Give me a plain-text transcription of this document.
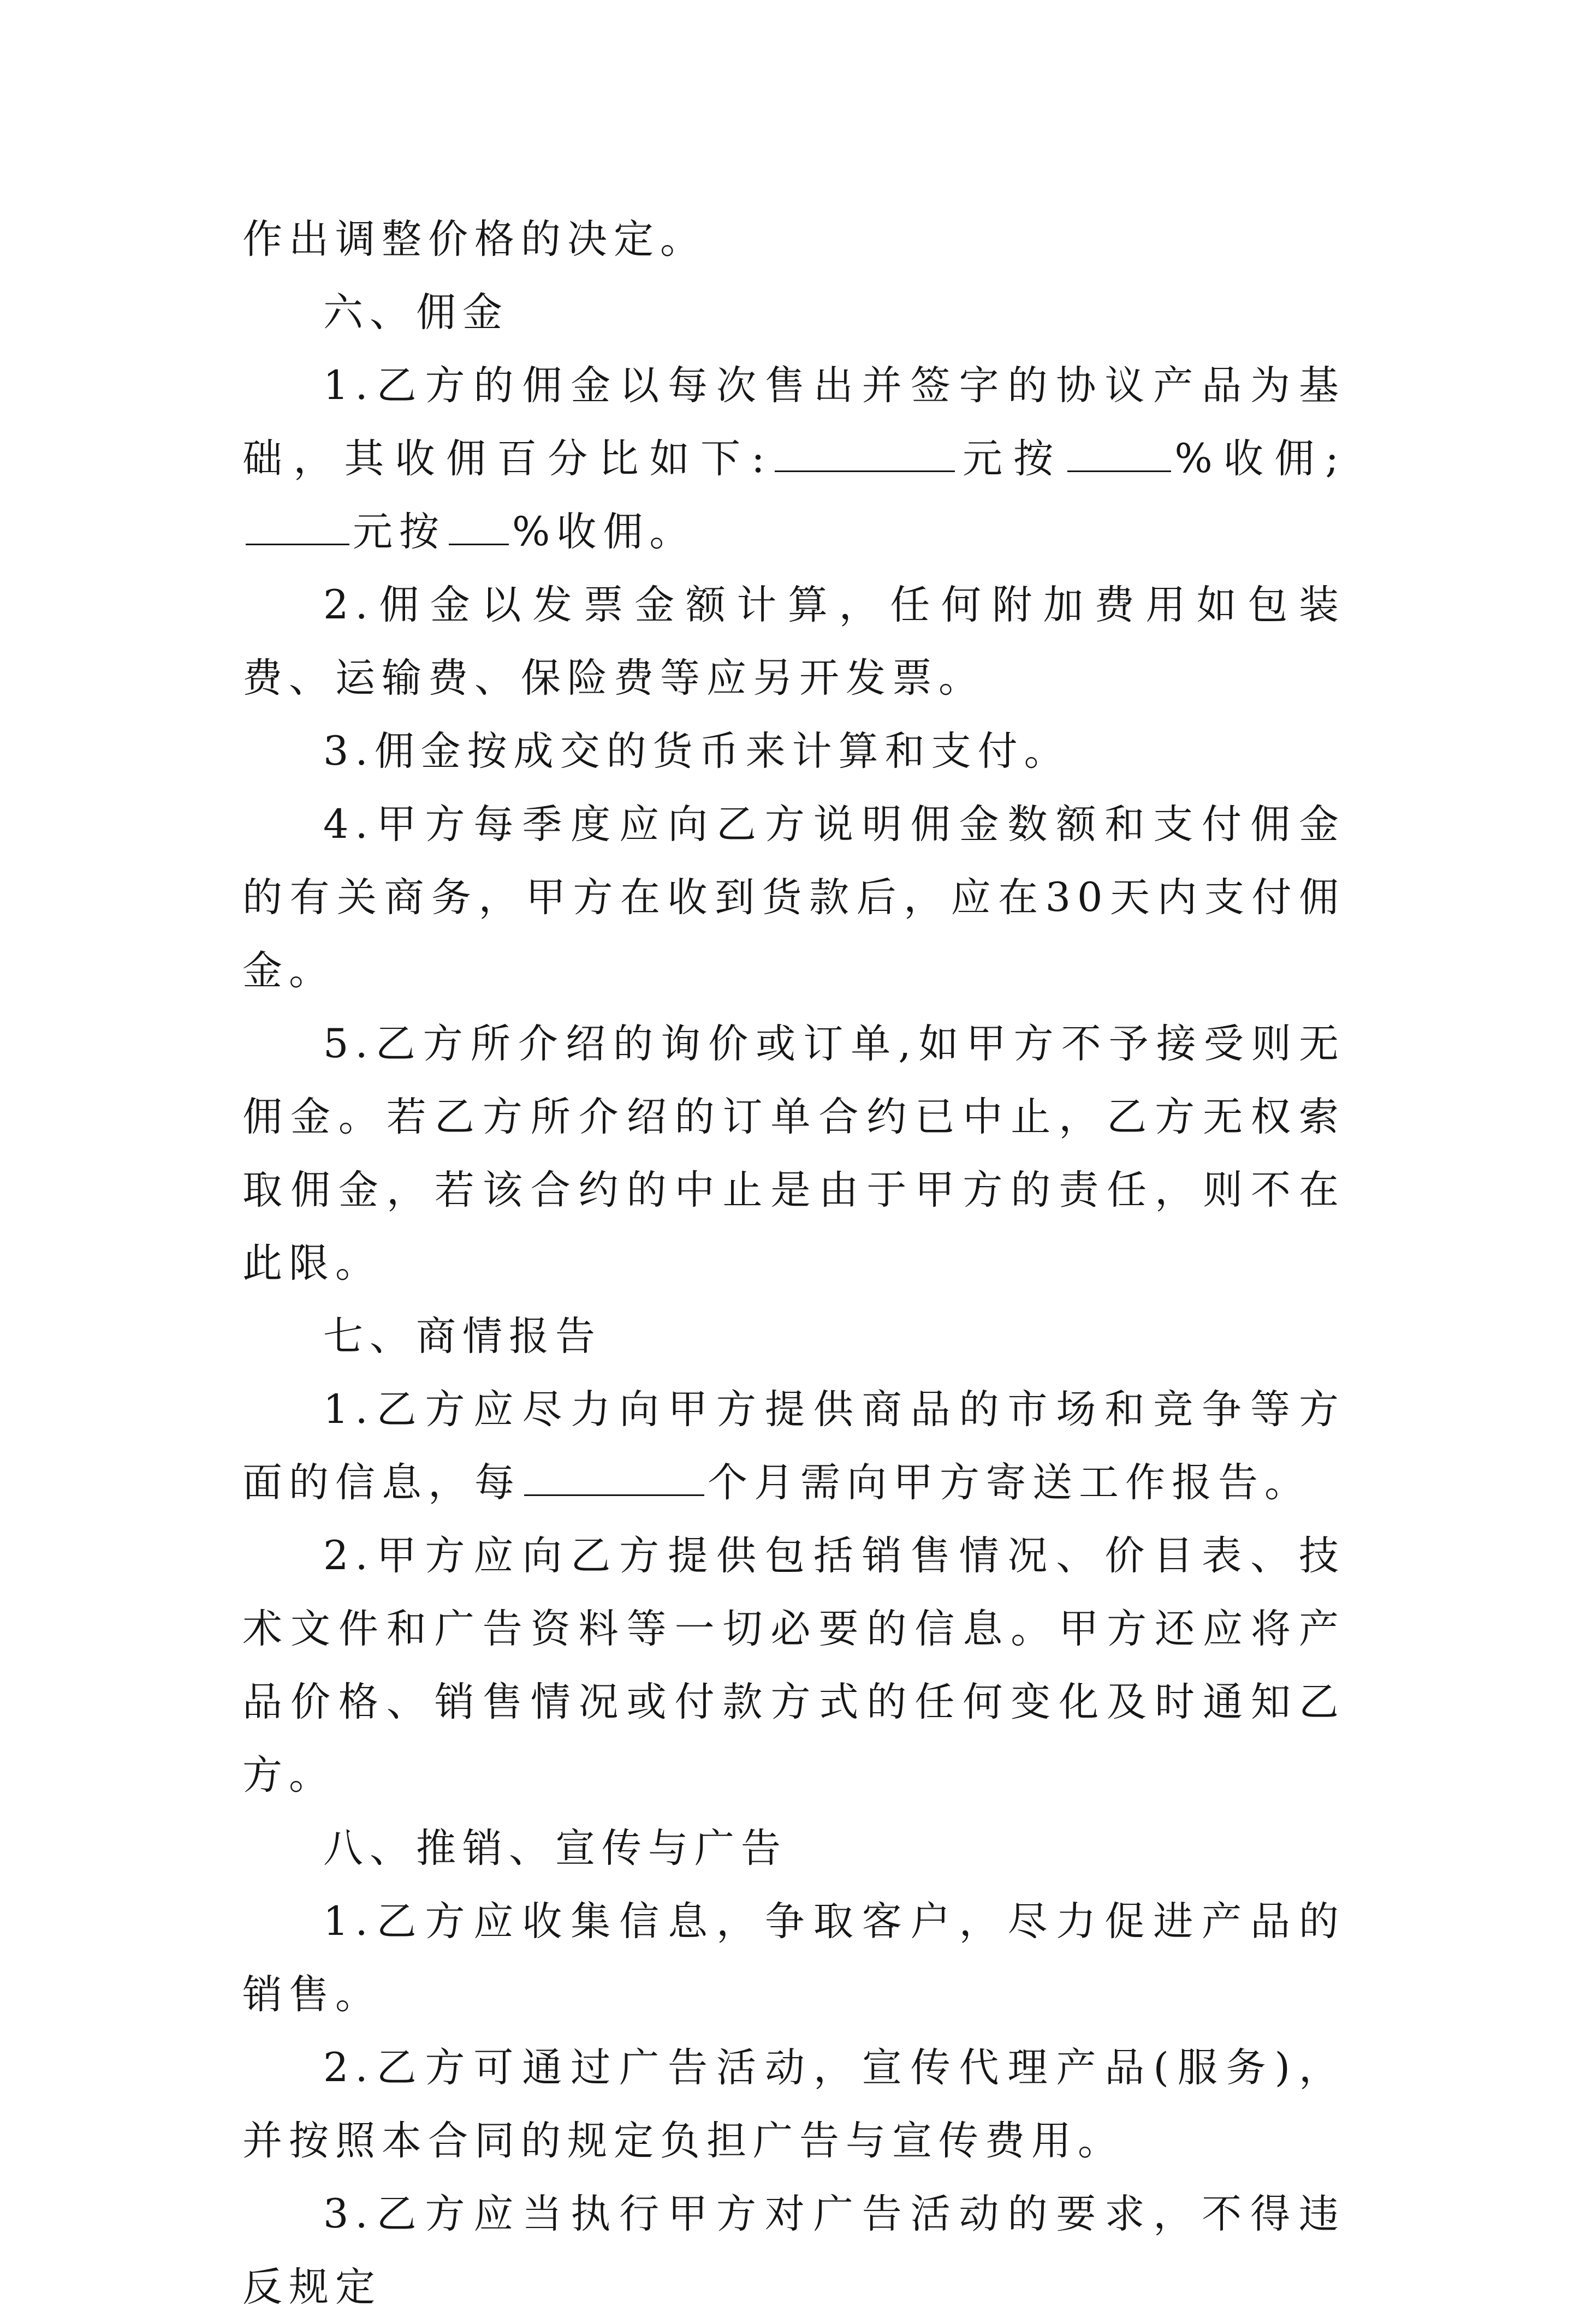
作出调整价格的决定。

六、佣金

1.乙方的佣金以每次售出并签字的协议产品为基础，其收佣百分比如下:	元按	%收佣;元按 %收佣。

2.佣金以发票金额计算，任何附加费用如包装费、运输费、保险费等应另开发票。

3.佣金按成交的货币来计算和支付。

4.甲方每季度应向乙方说明佣金数额和支付佣金的有关商务，甲方在收到货款后，应在30天内支付佣金。

5.乙方所介绍的询价或订单,如甲方不予接受则无佣金。若乙方所介绍的订单合约已中止，乙方无权索取佣金，若该合约的中止是由于甲方的责任，则不在此限。

七、商情报告

1.乙方应尽力向甲方提供商品的市场和竞争等方面的信息，每	个月需向甲方寄送工作报告。

2.甲方应向乙方提供包括销售情况、价目表、技术文件和广告资料等一切必要的信息。甲方还应将产品价格、销售情况或付款方式的任何变化及时通知乙方。

八、推销、宣传与广告

1.乙方应收集信息，争取客户，尽力促进产品的销售。

2.乙方可通过广告活动，宣传代理产品(服务)，并按照本合同的规定负担广告与宣传费用。

3.乙方应当执行甲方对广告活动的要求，不得违反规定
